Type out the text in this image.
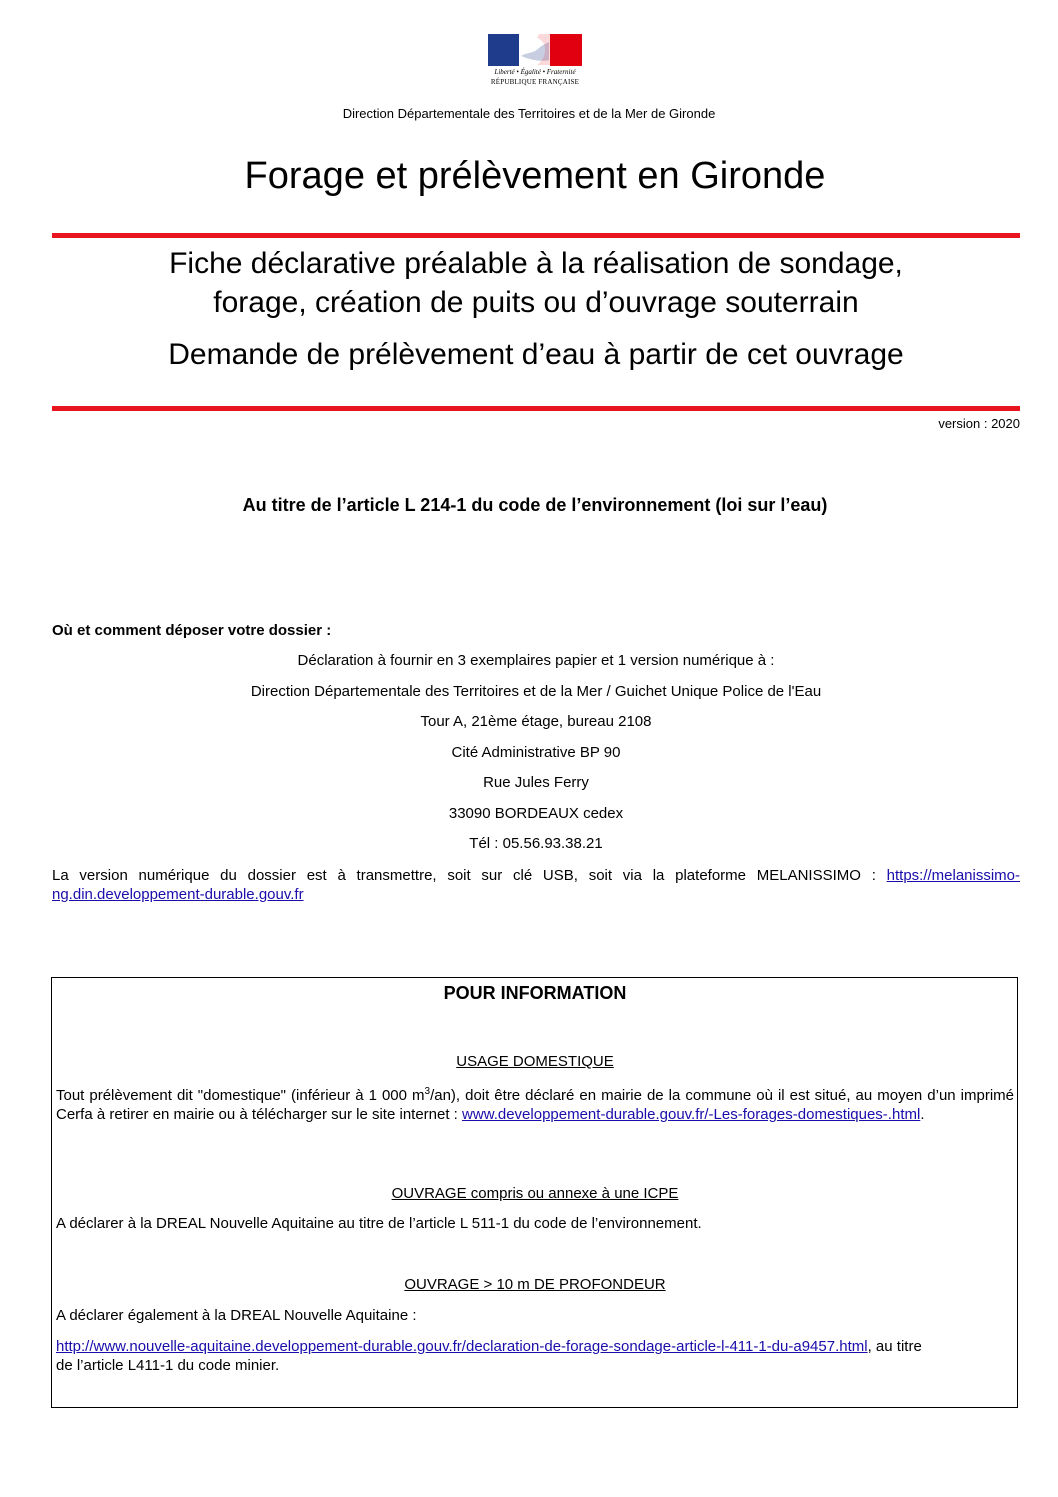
Liberté • Égalité • Fraternité
RÉPUBLIQUE FRANÇAISE
Direction Départementale des Territoires et de la Mer de Gironde
Forage et prélèvement en Gironde
Fiche déclarative préalable à la réalisation de sondage,
forage, création de puits ou d’ouvrage souterrain
Demande de prélèvement d’eau à partir de cet ouvrage
version : 2020
Au titre de l’article L 214-1 du code de l’environnement (loi sur l’eau)
Où et comment déposer votre dossier :
Déclaration à fournir en 3 exemplaires papier et 1 version numérique à :
Direction Départementale des Territoires et de la Mer / Guichet Unique Police de l'Eau
Tour A, 21ème étage, bureau 2108
Cité Administrative BP 90
Rue Jules Ferry
33090 BORDEAUX cedex
Tél : 05.56.93.38.21
La version numérique du dossier est à transmettre, soit sur clé USB, soit via la plateforme MELANISSIMO : https://melanissimo-ng.din.developpement-durable.gouv.fr
POUR INFORMATION
USAGE DOMESTIQUE
Tout prélèvement dit "domestique" (inférieur à 1 000 $m^3/an$), doit être déclaré en mairie de la commune où il est situé, au moyen d’un imprimé Cerfa à retirer en mairie ou à télécharger sur le site internet : www.developpement-durable.gouv.fr/-Les-forages-domestiques-.html.
OUVRAGE compris ou annexe à une ICPE
A déclarer à la DREAL Nouvelle Aquitaine au titre de l’article L 511-1 du code de l’environnement.
OUVRAGE > 10 m DE PROFONDEUR
A déclarer également à la DREAL Nouvelle Aquitaine :
http://www.nouvelle-aquitaine.developpement-durable.gouv.fr/declaration-de-forage-sondage-article-l-411-1-du-a9457.html, au titre de l’article L411-1 du code minier.
